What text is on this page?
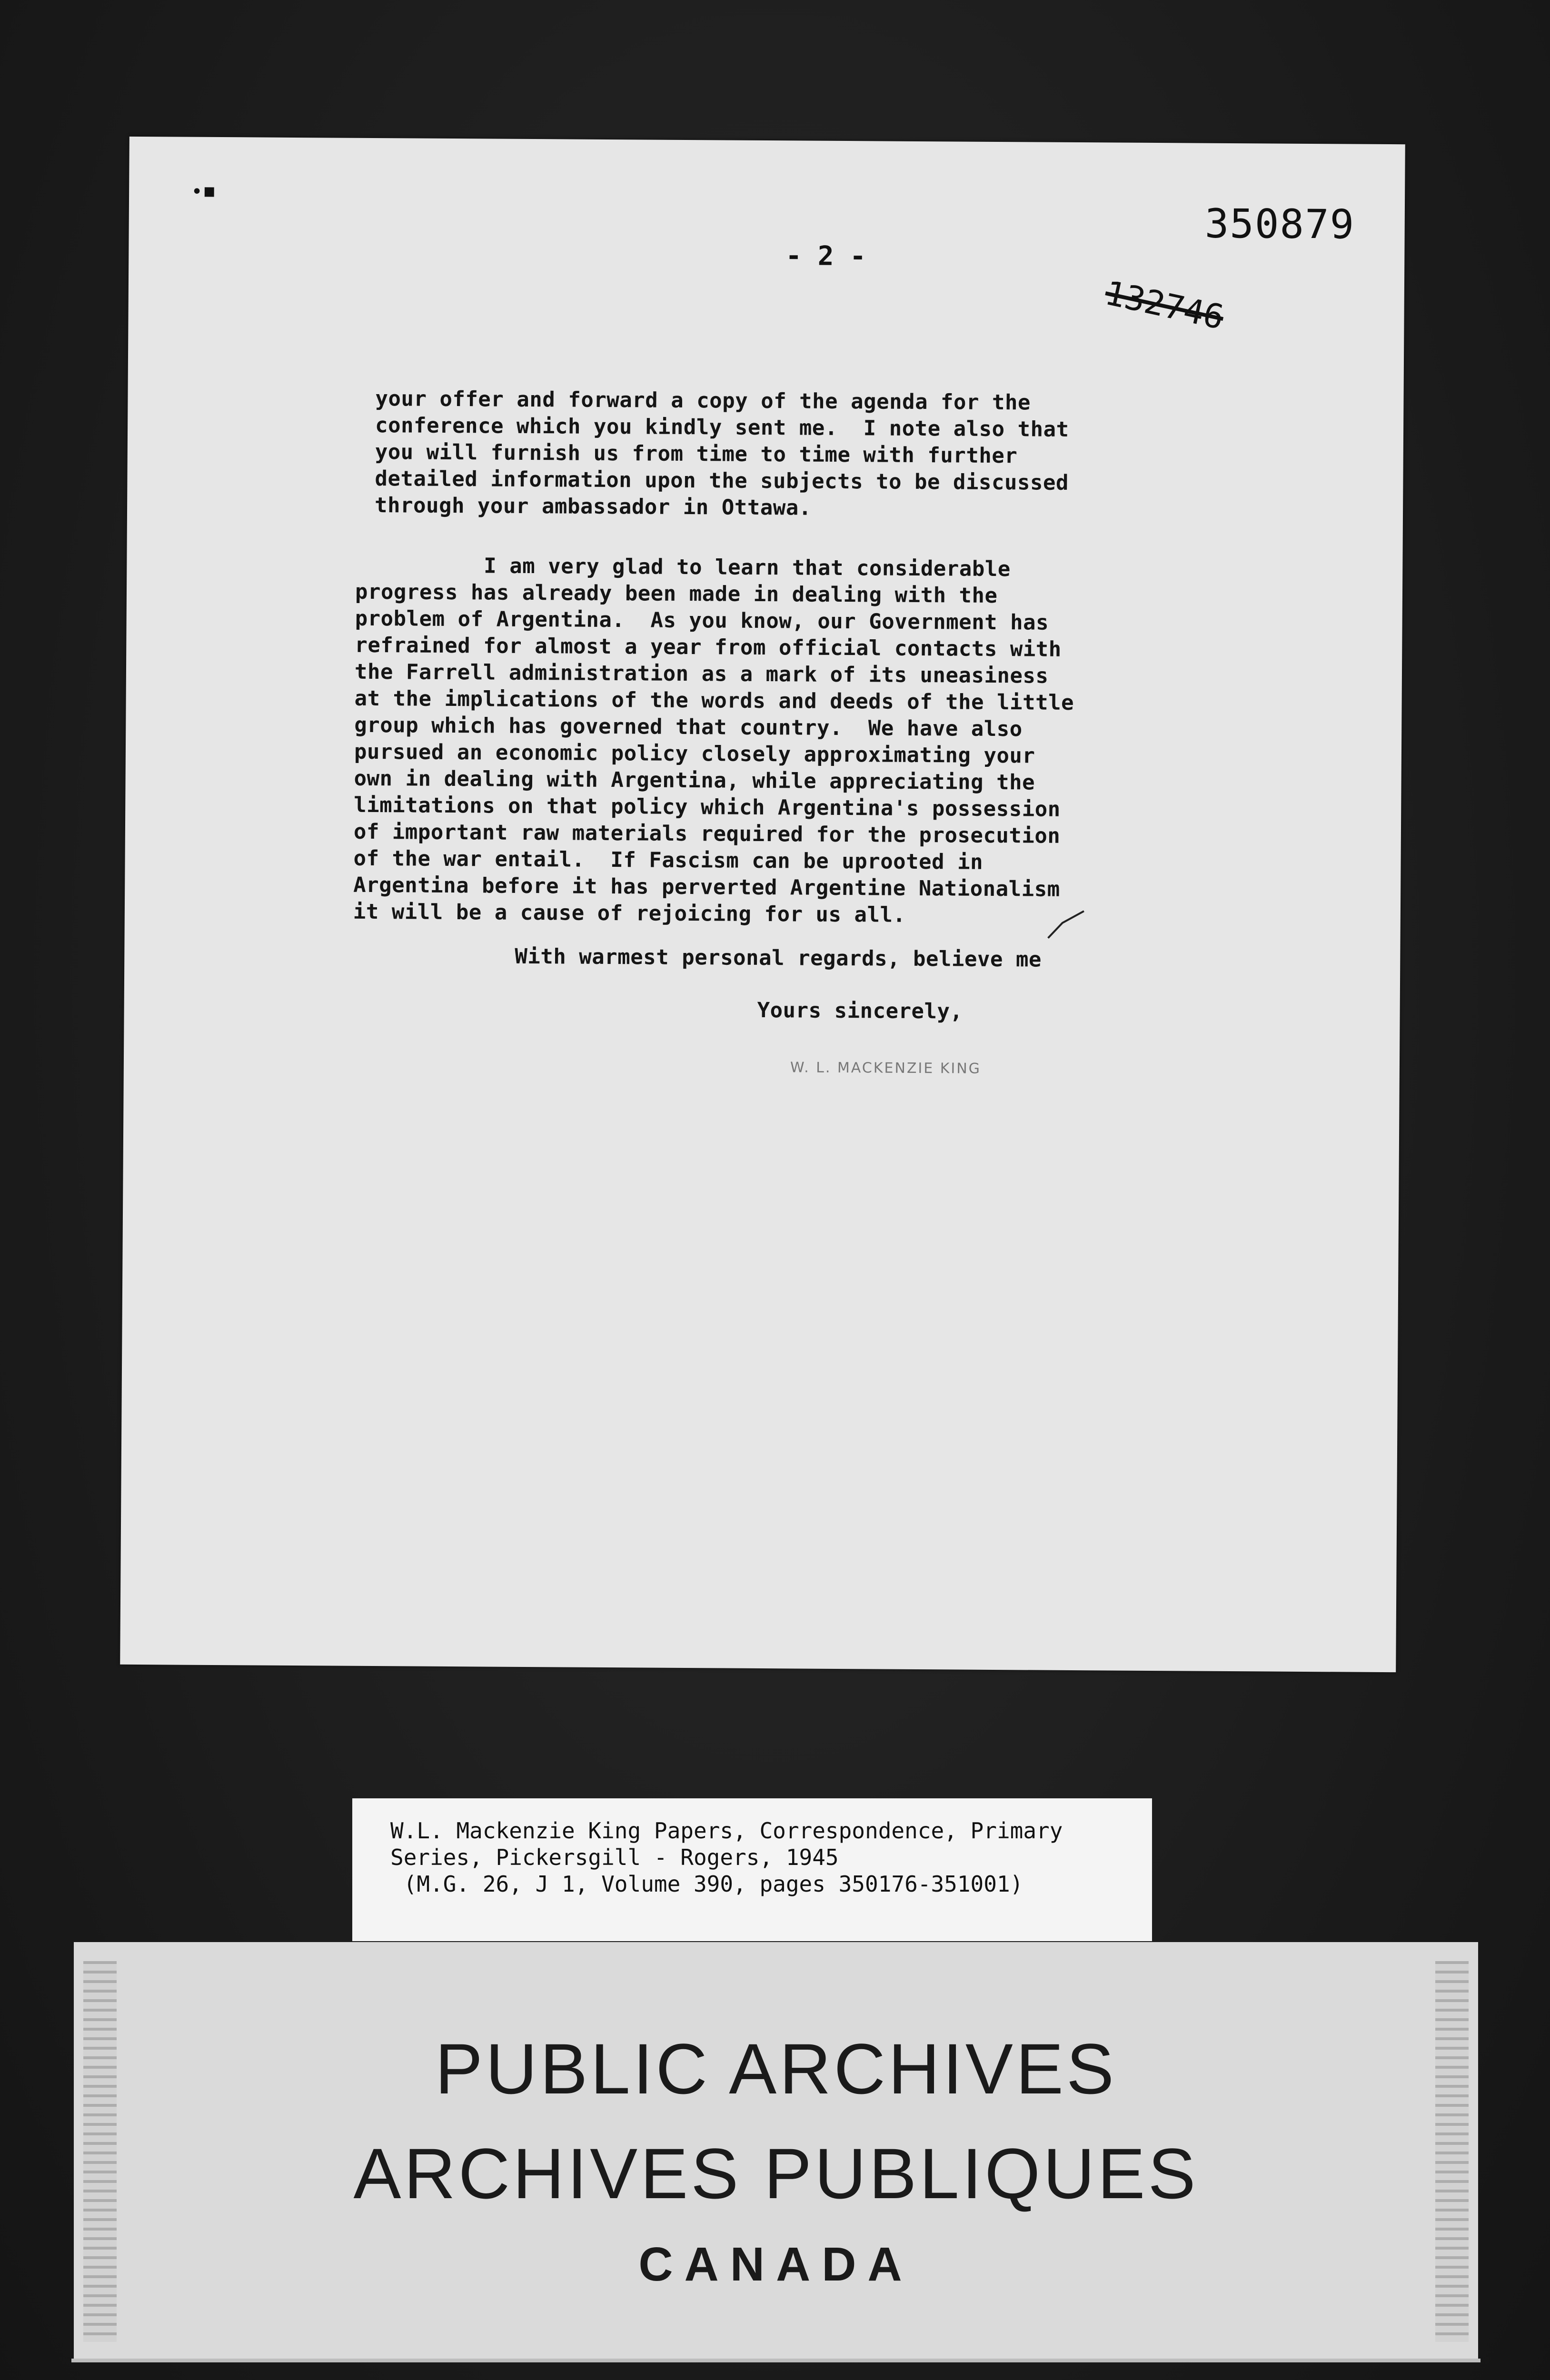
∙▪
350879
132746
- 2 -
your offer and forward a copy of the agenda for the
conference which you kindly sent me.  I note also that
you will furnish us from time to time with further
detailed information upon the subjects to be discussed
through your ambassador in Ottawa.
I am very glad to learn that considerable
progress has already been made in dealing with the
problem of Argentina.  As you know, our Government has
refrained for almost a year from official contacts with
the Farrell administration as a mark of its uneasiness
at the implications of the words and deeds of the little
group which has governed that country.  We have also
pursued an economic policy closely approximating your
own in dealing with Argentina, while appreciating the
limitations on that policy which Argentina's possession
of important raw materials required for the prosecution
of the war entail.  If Fascism can be uprooted in
Argentina before it has perverted Argentine Nationalism
it will be a cause of rejoicing for us all.
With warmest personal regards, believe me
Yours sincerely,
W. L. MACKENZIE KING
W.L. Mackenzie King Papers, Correspondence, Primary
Series, Pickersgill - Rogers, 1945
(M.G. 26, J 1, Volume 390, pages 350176-351001)
PUBLIC ARCHIVES
ARCHIVES PUBLIQUES
CANADA
